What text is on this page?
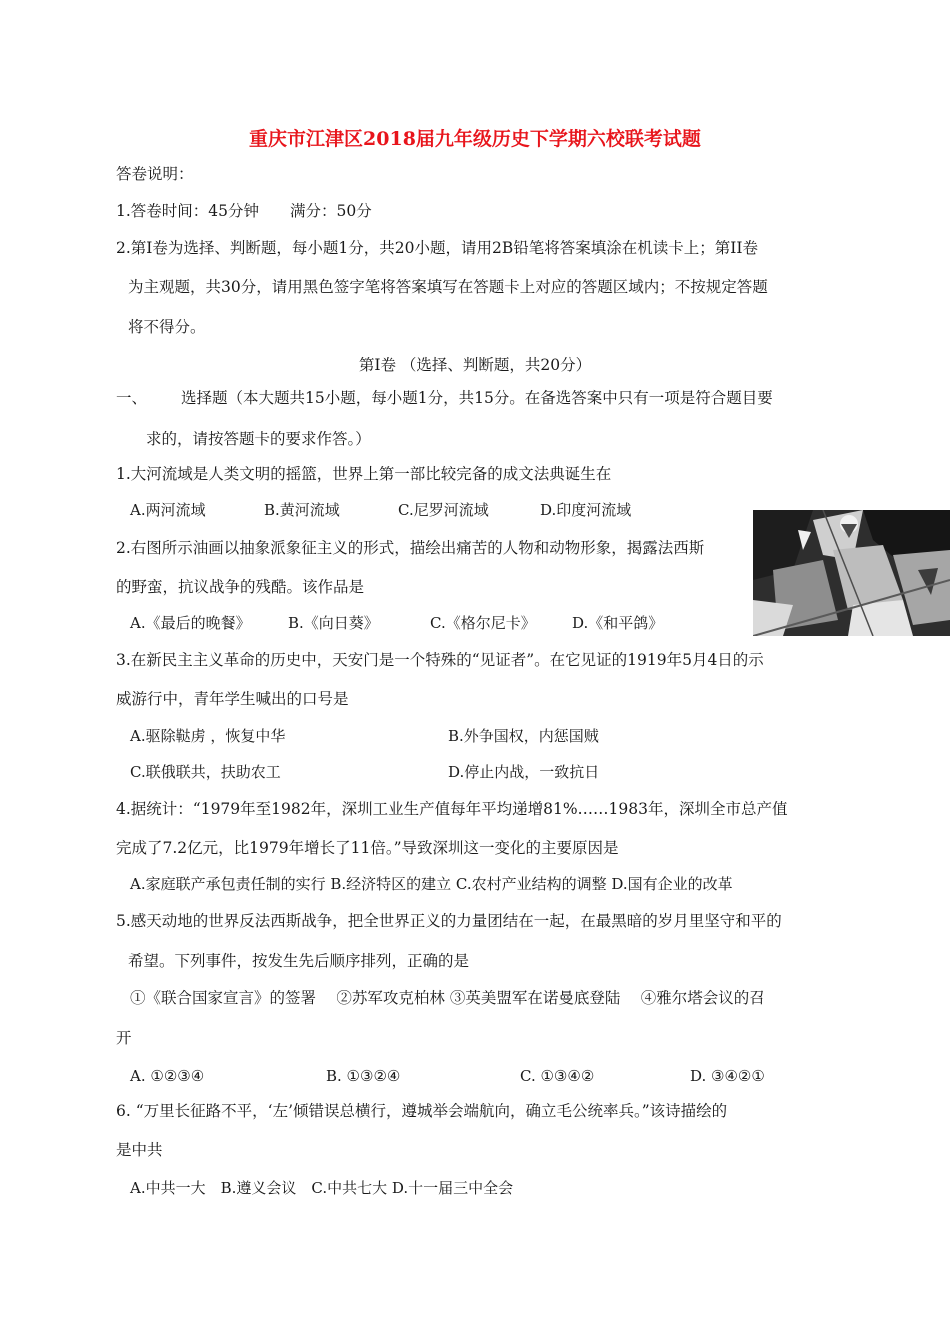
重庆市江津区2018届九年级历史下学期六校联考试题
答卷说明：
1.答卷时间：45分钟　　满分：50分
2.第Ⅰ卷为选择、判断题，每小题1分，共20小题，请用2B铅笔将答案填涂在机读卡上；第II卷
为主观题，共30分，请用黑色签字笔将答案填写在答题卡上对应的答题区域内；不按规定答题
将不得分。
第Ⅰ卷 （选择、判断题，共20分）
一、 选择题（本大题共15小题，每小题1分，共15分。在备选答案中只有一项是符合题目要
求的，请按答题卡的要求作答。）
1.大河流域是人类文明的摇篮，世界上第一部比较完备的成文法典诞生在
A.两河流域	B.黄河流域	C.尼罗河流域	D.印度河流域
2.右图所示油画以抽象派象征主义的形式，描绘出痛苦的人物和动物形象，揭露法西斯
的野蛮，抗议战争的残酷。该作品是
A.《最后的晚餐》 B.《向日葵》	C.《格尔尼卡》 D.《和平鸽》
3.在新民主主义革命的历史中，天安门是一个特殊的“见证者”。在它见证的1919年5月4日的示
威游行中，青年学生喊出的口号是
A.驱除鞑虏 ，恢复中华	B.外争国权，内惩国贼
C.联俄联共，扶助农工	D.停止内战，一致抗日
4.据统计：“1979年至1982年，深圳工业生产值每年平均递增81%……1983年，深圳全市总产值
完成了7.2亿元，比1979年增长了11倍。”导致深圳这一变化的主要原因是
A.家庭联产承包责任制的实行 B.经济特区的建立 C.农村产业结构的调整 D.国有企业的改革
5.感天动地的世界反法西斯战争，把全世界正义的力量团结在一起，在最黑暗的岁月里坚守和平的
希望。下列事件，按发生先后顺序排列，正确的是
①《联合国家宣言》的签署　 ②苏军攻克柏林 ③英美盟军在诺曼底登陆　 ④雅尔塔会议的召
开
A. ①②③④	B. ①③②④	C. ①③④②	D. ③④②①
6. “万里长征路不平，‘左’倾错误总横行，遵城举会端航向，确立毛公统率兵。”该诗描绘的
是中共
A.中共一大　B.遵义会议　C.中共七大 D.十一届三中全会
